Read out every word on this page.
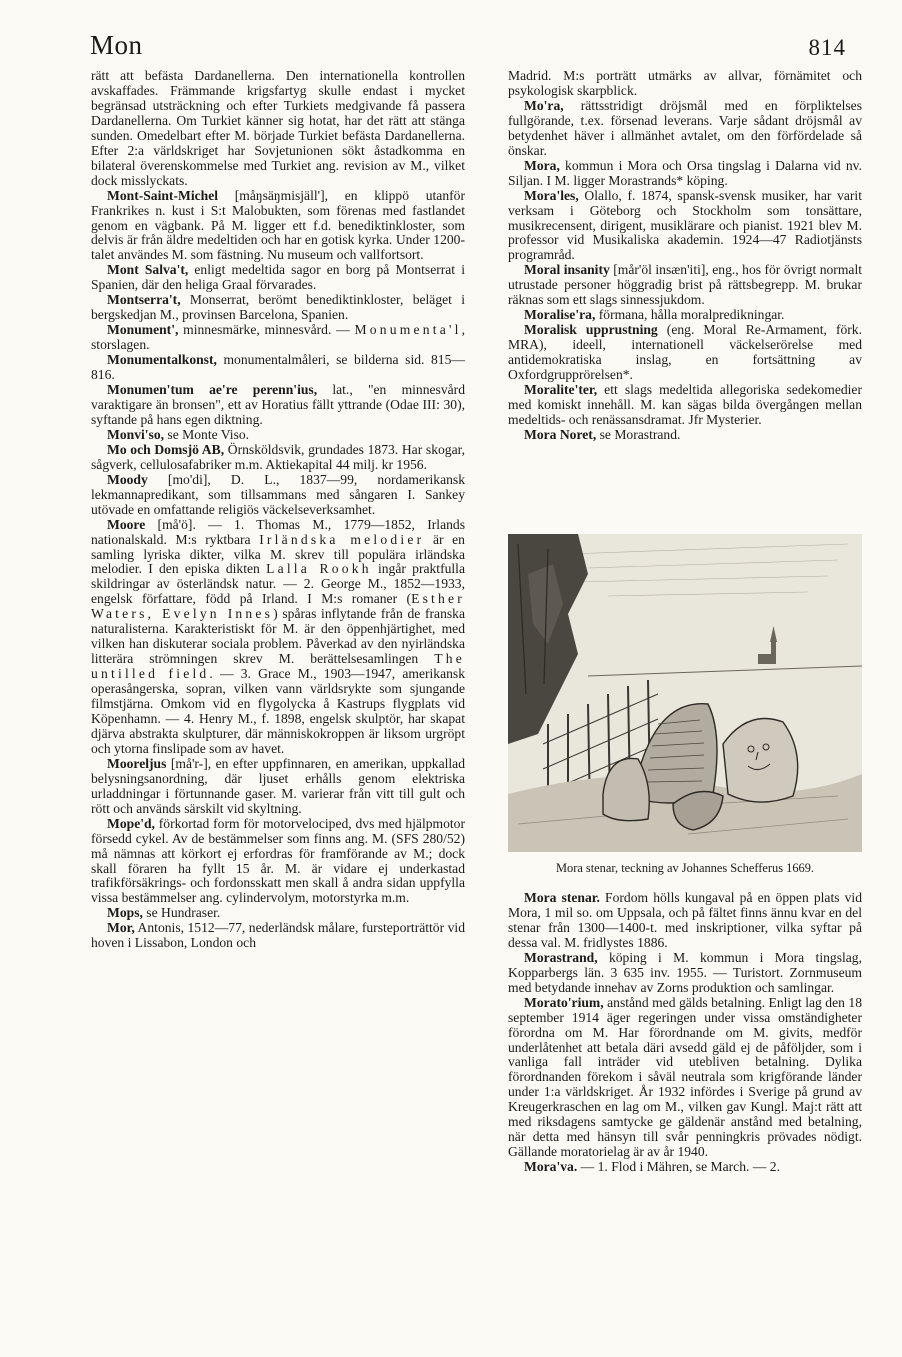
Mon	814

rätt att befästa Dardanellerna. Den internationella kontrollen avskaffades. Främmande krigsfartyg skulle endast i mycket begränsad utsträckning och efter Turkiets medgivande få passera Dardanellerna. Om Turkiet känner sig hotat, har det rätt att stänga sunden. Omedelbart efter M. började Turkiet befästa Dardanellerna. Efter 2:a världskriget har Sovjetunionen sökt åstadkomma en bilateral överenskommelse med Turkiet ang. revision av M., vilket dock misslyckats.

Mont-Saint-Michel [måŋsäŋmisjäll'], en klippö utanför Frankrikes n. kust i S:t Malobukten, som förenas med fastlandet genom en vägbank. På M. ligger ett f.d. benediktinkloster, som delvis är från äldre medeltiden och har en gotisk kyrka. Under 1200-talet användes M. som fästning. Nu museum och vallfortsort.

Mont Salva't, enligt medeltida sagor en borg på Montserrat i Spanien, där den heliga Graal förvarades.

Montserra't, Monserrat, berömt benediktinkloster, beläget i bergskedjan M., provinsen Barcelona, Spanien.

Monument', minnesmärke, minnesvård. — Monumenta'l, storslagen.

Monumentalkonst, monumentalmåleri, se bilderna sid. 815—816.

Monumen'tum ae're perenn'ius, lat., "en minnesvård varaktigare än bronsen", ett av Horatius fällt yttrande (Odae III: 30), syftande på hans egen diktning.

Monvi'so, se Monte Viso.

Mo och Domsjö AB, Örnsköldsvik, grundades 1873. Har skogar, sågverk, cellulosafabriker m.m. Aktiekapital 44 milj. kr 1956.

Moody [mo'di], D. L., 1837—99, nordamerikansk lekmannapredikant, som tillsammans med sångaren I. Sankey utövade en omfattande religiös väckelseverksamhet.

Moore [må'ö]. — 1. Thomas M., 1779—1852, Irlands nationalskald. M:s ryktbara Irländska melodier är en samling lyriska dikter, vilka M. skrev till populära irländska melodier. I den episka dikten Lalla Rookh ingår praktfulla skildringar av österländsk natur. — 2. George M., 1852—1933, engelsk författare, född på Irland. I M:s romaner (Esther Waters, Evelyn Innes) spåras inflytande från de franska naturalisterna. Karakteristiskt för M. är den öppenhjärtighet, med vilken han diskuterar sociala problem. Påverkad av den nyirländska litterära strömningen skrev M. berättelsesamlingen The untilled field. — 3. Grace M., 1903—1947, amerikansk operasångerska, sopran, vilken vann världsrykte som sjungande filmstjärna. Omkom vid en flygolycka å Kastrups flygplats vid Köpenhamn. — 4. Henry M., f. 1898, engelsk skulptör, har skapat djärva abstrakta skulpturer, där människokroppen är liksom urgröpt och ytorna finslipade som av havet.

Mooreljus [må'r-], en efter uppfinnaren, en amerikan, uppkallad belysningsanordning, där ljuset erhålls genom elektriska urladdningar i förtunnande gaser. M. varierar från vitt till gult och rött och används särskilt vid skyltning.

Mope'd, förkortad form för motorvelociped, dvs med hjälpmotor försedd cykel. Av de bestämmelser som finns ang. M. (SFS 280/52) må nämnas att körkort ej erfordras för framförande av M.; dock skall föraren ha fyllt 15 år. M. är vidare ej underkastad trafikförsäkrings- och fordonsskatt men skall å andra sidan uppfylla vissa bestämmelser ang. cylindervolym, motorstyrka m.m.

Mops, se Hundraser.

Mor, Antonis, 1512—77, nederländsk målare, fursteporträttör vid hoven i Lissabon, London och

Madrid. M:s porträtt utmärks av allvar, förnämitet och psykologisk skarpblick.

Mo'ra, rättsstridigt dröjsmål med en förpliktelses fullgörande, t.ex. försenad leverans. Varje sådant dröjsmål av betydenhet häver i allmänhet avtalet, om den förfördelade så önskar.

Mora, kommun i Mora och Orsa tingslag i Dalarna vid nv. Siljan. I M. ligger Morastrands* köping.

Mora'les, Olallo, f. 1874, spansk-svensk musiker, har varit verksam i Göteborg och Stockholm som tonsättare, musikrecensent, dirigent, musiklärare och pianist. 1921 blev M. professor vid Musikaliska akademin. 1924—47 Radiotjänsts programråd.

Moral insanity [mår'öl insæn'iti], eng., hos för övrigt normalt utrustade personer höggradig brist på rättsbegrepp. M. brukar räknas som ett slags sinnessjukdom.

Moralise'ra, förmana, hålla moralpredikningar.

Moralisk upprustning (eng. Moral Re-Armament, förk. MRA), ideell, internationell väckelserörelse med antidemokratiska inslag, en fortsättning av Oxfordgrupprörelsen*.

Moralite'ter, ett slags medeltida allegoriska sedekomedier med komiskt innehåll. M. kan sägas bilda övergången mellan medeltids- och renässansdramat. Jfr Mysterier.

Mora Noret, se Morastrand.

Mora stenar, teckning av Johannes Schefferus 1669.

Mora stenar. Fordom hölls kungaval på en öppen plats vid Mora, 1 mil so. om Uppsala, och på fältet finns ännu kvar en del stenar från 1300—1400-t. med inskriptioner, vilka syftar på dessa val. M. fridlystes 1886.

Morastrand, köping i M. kommun i Mora tingslag, Kopparbergs län. 3 635 inv. 1955. — Turistort. Zornmuseum med betydande innehav av Zorns produktion och samlingar.

Morato'rium, anstånd med gälds betalning. Enligt lag den 18 september 1914 äger regeringen under vissa omständigheter förordna om M. Har förordnande om M. givits, medför underlåtenhet att betala däri avsedd gäld ej de påföljder, som i vanliga fall inträder vid utebliven betalning. Dylika förordnanden förekom i såväl neutrala som krigförande länder under 1:a världskriget. År 1932 infördes i Sverige på grund av Kreugerkraschen en lag om M., vilken gav Kungl. Maj:t rätt att med riksdagens samtycke ge gäldenär anstånd med betalning, när detta med hänsyn till svår penningkris prövades nödigt. Gällande moratorielag är av år 1940.

Mora'va. — 1. Flod i Mähren, se March. — 2.
